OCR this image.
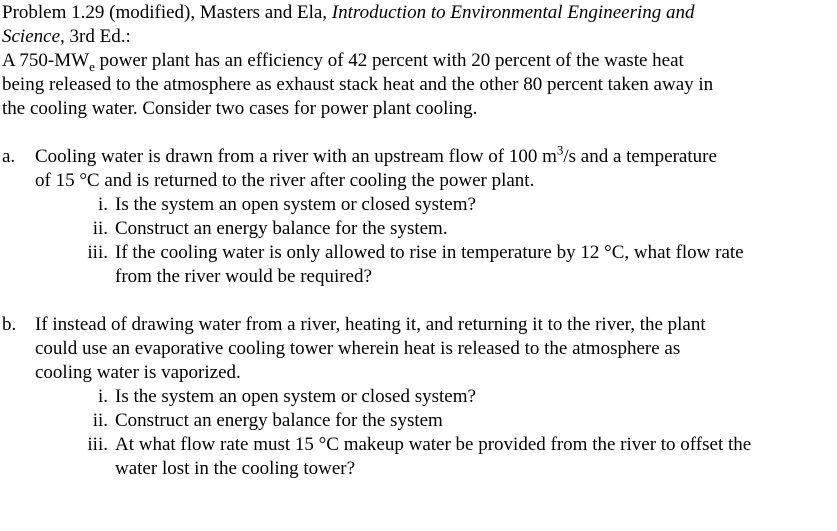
Problem 1.29 (modified), Masters and Ela, Introduction to Environmental Engineering and
Science, 3rd Ed.:
A $750-MW_e$ power plant has an efficiency of 42 percent with 20 percent of the waste heat
being released to the atmosphere as exhaust stack heat and the other 80 percent taken away in
the cooling water. Consider two cases for power plant cooling.
a. Cooling water is drawn from a river with an upstream flow of 100 $m^3/s$ and a temperature
of 15 °C and is returned to the river after cooling the power plant.
i. Is the system an open system or closed system?
ii. Construct an energy balance for the system.
iii. If the cooling water is only allowed to rise in temperature by 12 °C, what flow rate
from the river would be required?
b. If instead of drawing water from a river, heating it, and returning it to the river, the plant
could use an evaporative cooling tower wherein heat is released to the atmosphere as
cooling water is vaporized.
i. Is the system an open system or closed system?
ii. Construct an energy balance for the system
iii. At what flow rate must 15 °C makeup water be provided from the river to offset the
water lost in the cooling tower?
